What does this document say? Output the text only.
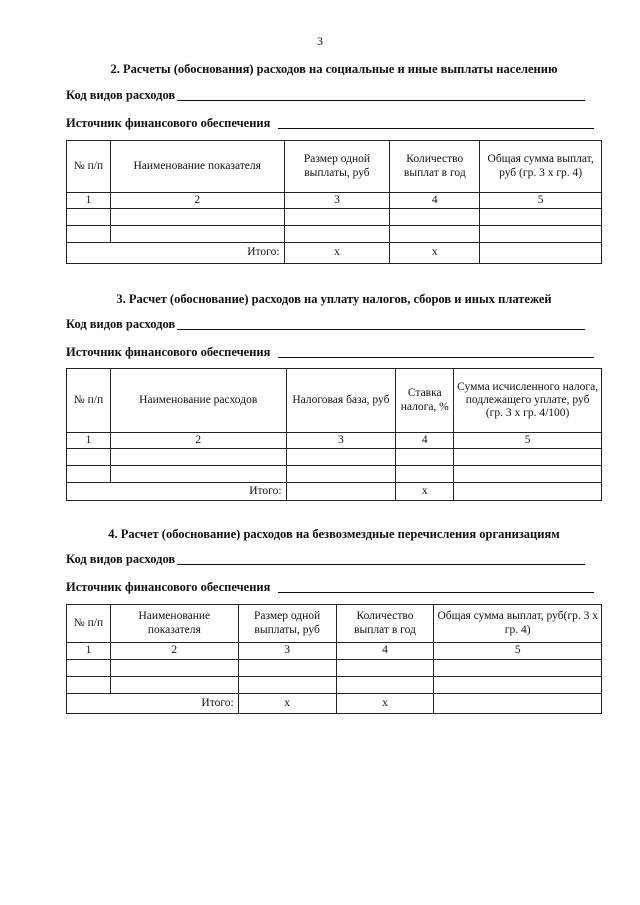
3
2. Расчеты (обоснования) расходов на социальные и иные выплаты населению
Код видов расходов
Источник финансового обеспечения
№ п/п	Наименование показателя	Размер одной выплаты, руб	Количество выплат в год	Общая сумма выплат, руб (гр. 3 х гр. 4)
1	2	3	4	5

Итого:		х	х	
3. Расчет (обоснование) расходов на уплату налогов, сборов и иных платежей
Код видов расходов
Источник финансового обеспечения
№ п/п	Наименование расходов	Налоговая база, руб	Ставка налога, %	Сумма исчисленного налога, подлежащего уплате, руб (гр. 3 х гр. 4/100)
1	2	3	4	5

Итого:			х	
4. Расчет (обоснование) расходов на безвозмездные перечисления организациям
Код видов расходов
Источник финансового обеспечения
№ п/п	Наименование показателя	Размер одной выплаты, руб	Количество выплат в год	Общая сумма выплат, руб(гр. 3 х гр. 4)
1	2	3	4	5

Итого:		х	х	
